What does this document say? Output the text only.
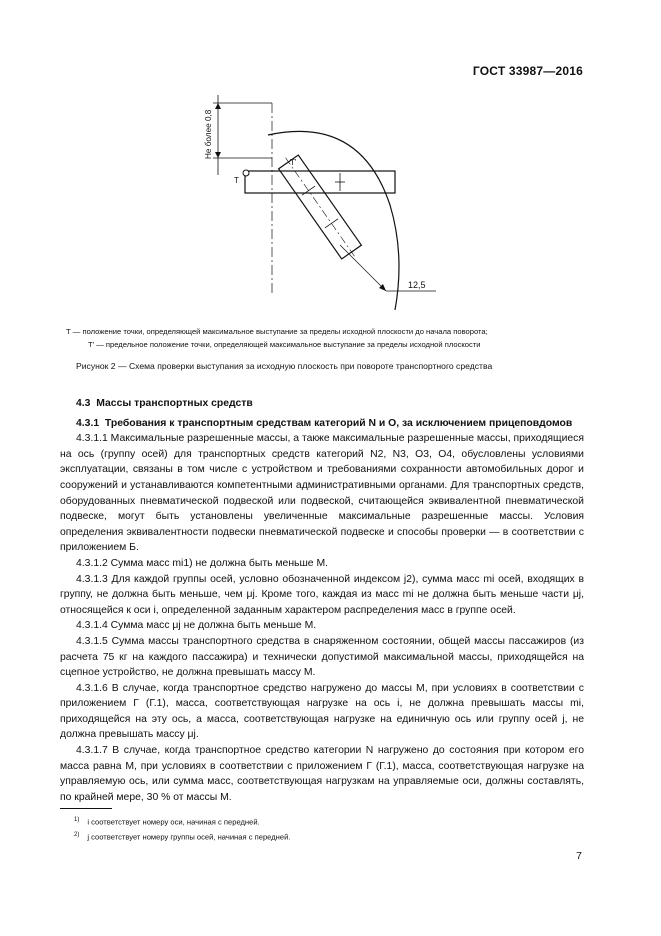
ГОСТ 33987—2016
12,5
T
T'
Не более 0,8
Т — положение точки, определяющей максимальное выступание за пределы исходной плоскости до начала поворота;
Т' — предельное положение точки, определяющей максимальное выступание за пределы исходной плоскости
Рисунок 2 — Схема проверки выступания за исходную плоскость при повороте транспортного средства

4.3 Массы транспортных средств

4.3.1 Требования к транспортным средствам категорий N и O, за исключением прицеповдомов

4.3.1.1 Максимальные разрешенные массы, а также максимальные разрешенные массы, приходящиеся на ось (группу осей) для транспортных средств категорий N2, N3, O3, O4, обусловлены условиями эксплуатации, связаны в том числе с устройством и требованиями сохранности автомобильных дорог и сооружений и устанавливаются компетентными административными органами. Для транспортных средств, оборудованных пневматической подвеской или подвеской, считающейся эквивалентной пневматической подвеске, могут быть установлены увеличенные максимальные разрешенные массы. Условия определения эквивалентности подвески пневматической подвеске и способы проверки — в соответствии с приложением Б.

4.3.1.2 Сумма масс mi1) не должна быть меньше M.

4.3.1.3 Для каждой группы осей, условно обозначенной индексом j2), сумма масс mi осей, входящих в группу, не должна быть меньше, чем μj. Кроме того, каждая из масс mi не должна быть меньше части μj, относящейся к оси i, определенной заданным характером распределения масс в группе осей.

4.3.1.4 Сумма масс μj не должна быть меньше M.

4.3.1.5 Сумма массы транспортного средства в снаряженном состоянии, общей массы пассажиров (из расчета 75 кг на каждого пассажира) и технически допустимой максимальной массы, приходящейся на сцепное устройство, не должна превышать массу M.

4.3.1.6 В случае, когда транспортное средство нагружено до массы M, при условиях в соответствии с приложением Г (Г.1), масса, соответствующая нагрузке на ось i, не должна превышать массы mi, приходящейся на эту ось, а масса, соответствующая нагрузке на единичную ось или группу осей j, не должна превышать массу μj.

4.3.1.7 В случае, когда транспортное средство категории N нагружено до состояния при котором его масса равна M, при условиях в соответствии с приложением Г (Г.1), масса, соответствующая нагрузке на управляемую ось, или сумма масс, соответствующая нагрузкам на управляемые оси, должны составлять, по крайней мере, 30 % от массы M.

$^{1)}$ i соответствует номеру оси, начиная с передней.
$^{2)}$ j соответствует номеру группы осей, начиная с передней.
7
